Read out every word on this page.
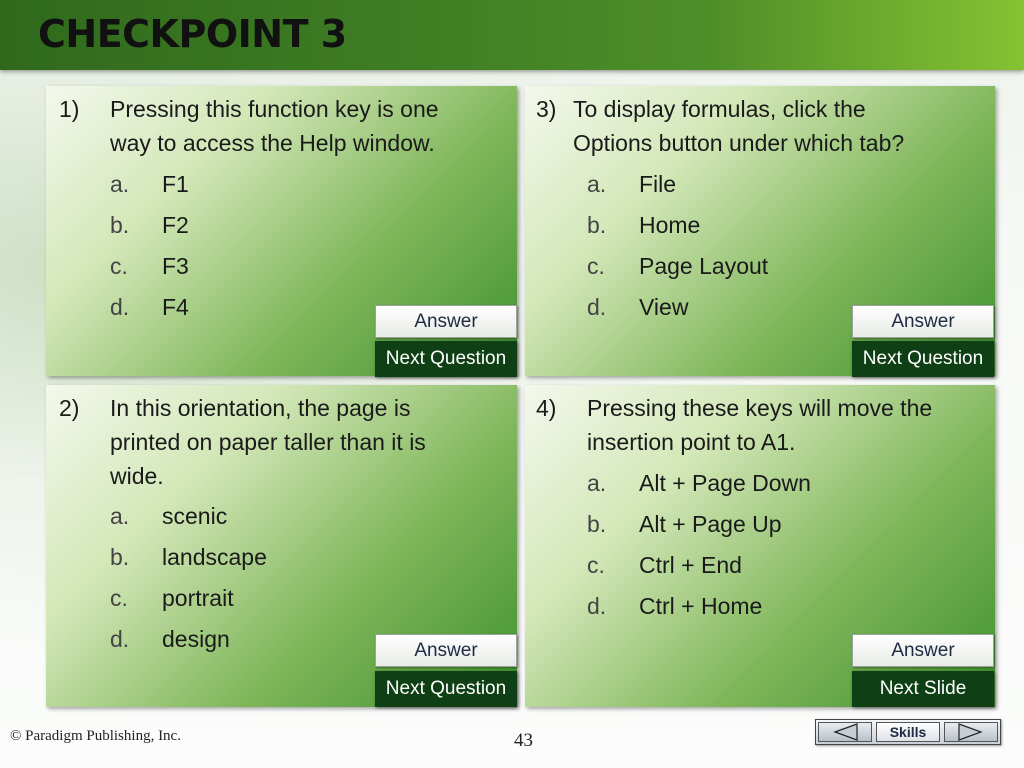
CHECKPOINT 3
1) Pressing this function key is one
way to access the Help window.
a. F1
b. F2
c. F3
d. F4
Answer
Next Question
3) To display formulas, click the
Options button under which tab?
a. File
b. Home
c. Page Layout
d. View
Answer
Next Question
2) In this orientation, the page is
printed on paper taller than it is
wide.
a. scenic
b. landscape
c. portrait
d. design	Answer
Next Question
4) Pressing these keys will move the
insertion point to A1.
a. Alt + Page Down
b. Alt + Page Up
c. Ctrl + End
d. Ctrl + Home
Answer
Next Slide
© Paradigm Publishing, Inc.	43	Skills
